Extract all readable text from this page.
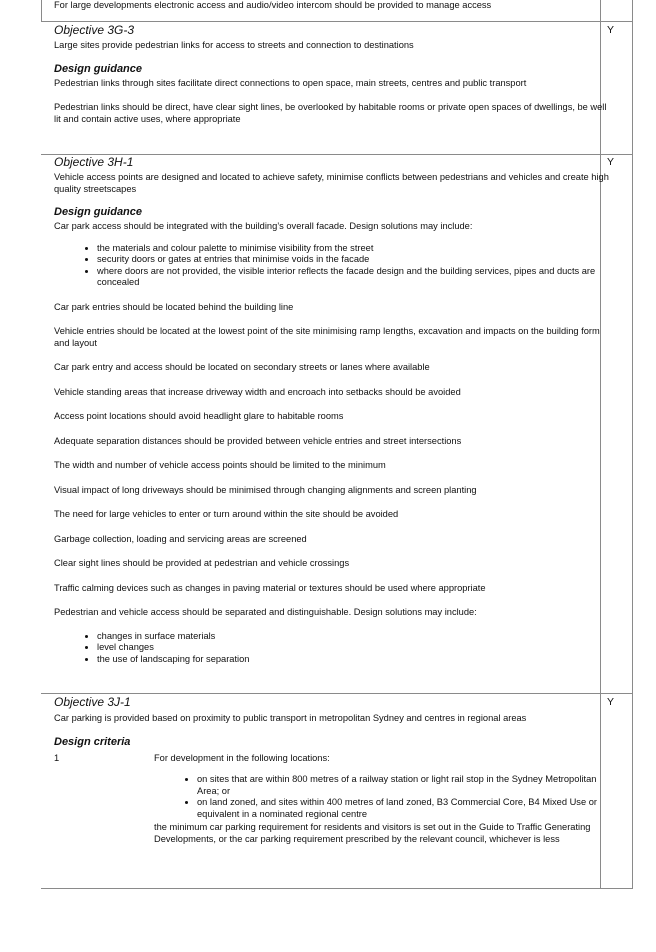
For large developments electronic access and audio/video intercom should be provided to manage access

Objective 3G-3

Large sites provide pedestrian links for access to streets and connection to destinations

Design guidance

Pedestrian links through sites facilitate direct connections to open space, main streets, centres and public transport

Pedestrian links should be direct, have clear sight lines, be overlooked by habitable rooms or private open spaces of dwellings, be well lit and contain active uses, where appropriate

Y

Objective 3H-1

Vehicle access points are designed and located to achieve safety, minimise conflicts between pedestrians and vehicles and create high quality streetscapes

Design guidance

Car park access should be integrated with the building’s overall facade. Design solutions may include:

• the materials and colour palette to minimise visibility from the street
• security doors or gates at entries that minimise voids in the facade
• where doors are not provided, the visible interior reflects the facade design and the building services, pipes and ducts are concealed

Car park entries should be located behind the building line

Vehicle entries should be located at the lowest point of the site minimising ramp lengths, excavation and impacts on the building form and layout

Car park entry and access should be located on secondary streets or lanes where available

Vehicle standing areas that increase driveway width and encroach into setbacks should be avoided

Access point locations should avoid headlight glare to habitable rooms

Adequate separation distances should be provided between vehicle entries and street intersections

The width and number of vehicle access points should be limited to the minimum

Visual impact of long driveways should be minimised through changing alignments and screen planting

The need for large vehicles to enter or turn around within the site should be avoided

Garbage collection, loading and servicing areas are screened

Clear sight lines should be provided at pedestrian and vehicle crossings

Traffic calming devices such as changes in paving material or textures should be used where appropriate

Pedestrian and vehicle access should be separated and distinguishable. Design solutions may include:

• changes in surface materials
• level changes
• the use of landscaping for separation
Y

Objective 3J-1

Car parking is provided based on proximity to public transport in metropolitan Sydney and centres in regional areas

Design criteria

1	For development in the following locations:

• on sites that are within 800 metres of a railway station or light rail stop in the Sydney Metropolitan Area; or
• on land zoned, and sites within 400 metres of land zoned, B3 Commercial Core, B4 Mixed Use or equivalent in a nominated regional centre

the minimum car parking requirement for residents and visitors is set out in the Guide to Traffic Generating Developments, or the car parking requirement prescribed by the relevant council, whichever is less

Y
